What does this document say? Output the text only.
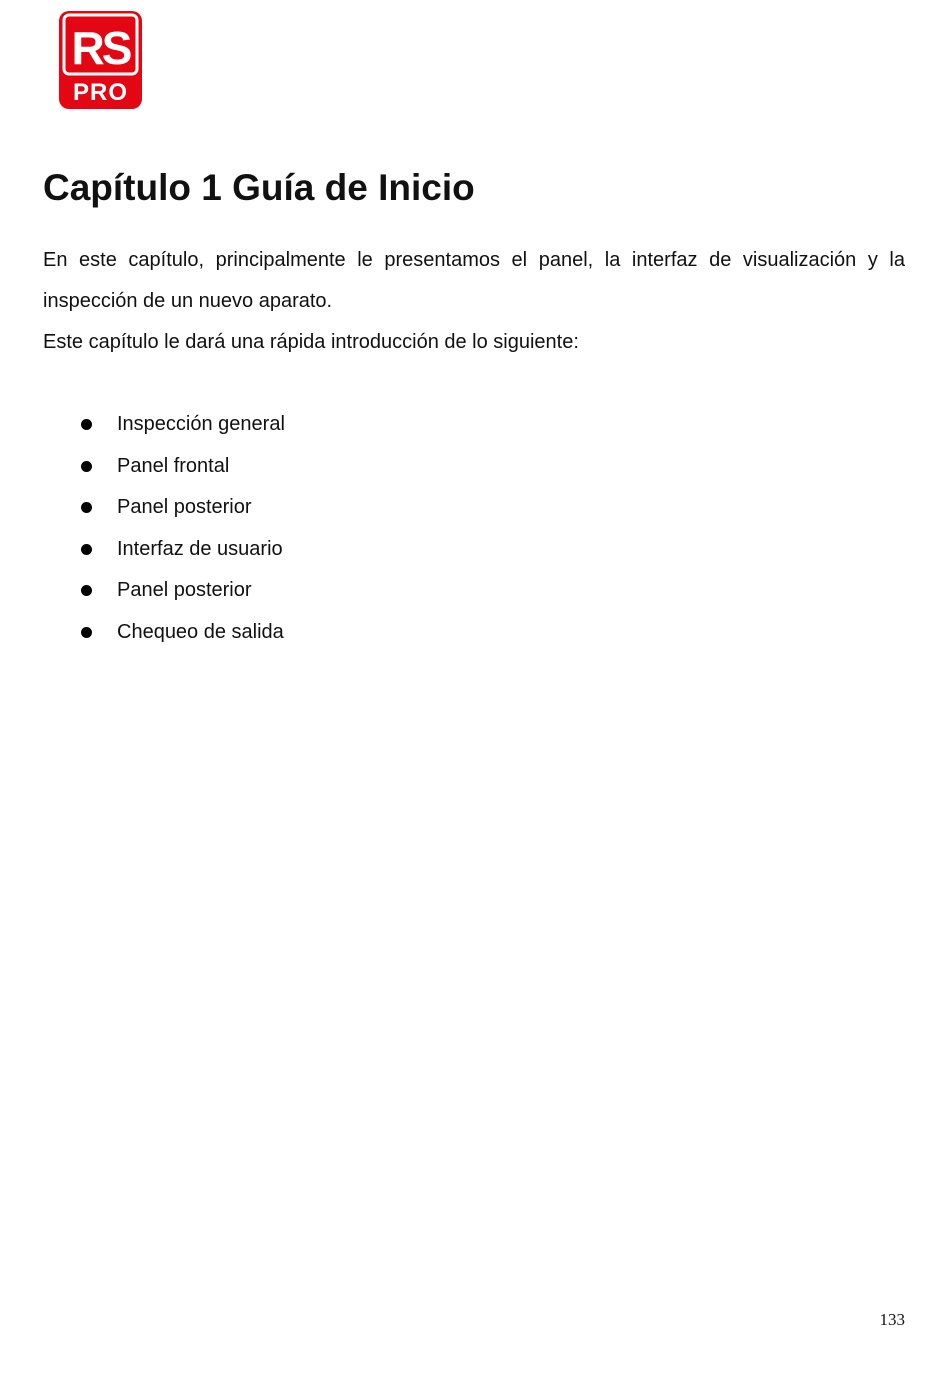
RS
PRO
Capítulo 1 Guía de Inicio

En este capítulo, principalmente le presentamos el panel, la interfaz de visualización y la inspección de un nuevo aparato.

Este capítulo le dará una rápida introducción de lo siguiente:

Inspección general
Panel frontal
Panel posterior
Interfaz de usuario
Panel posterior
Chequeo de salida
133
